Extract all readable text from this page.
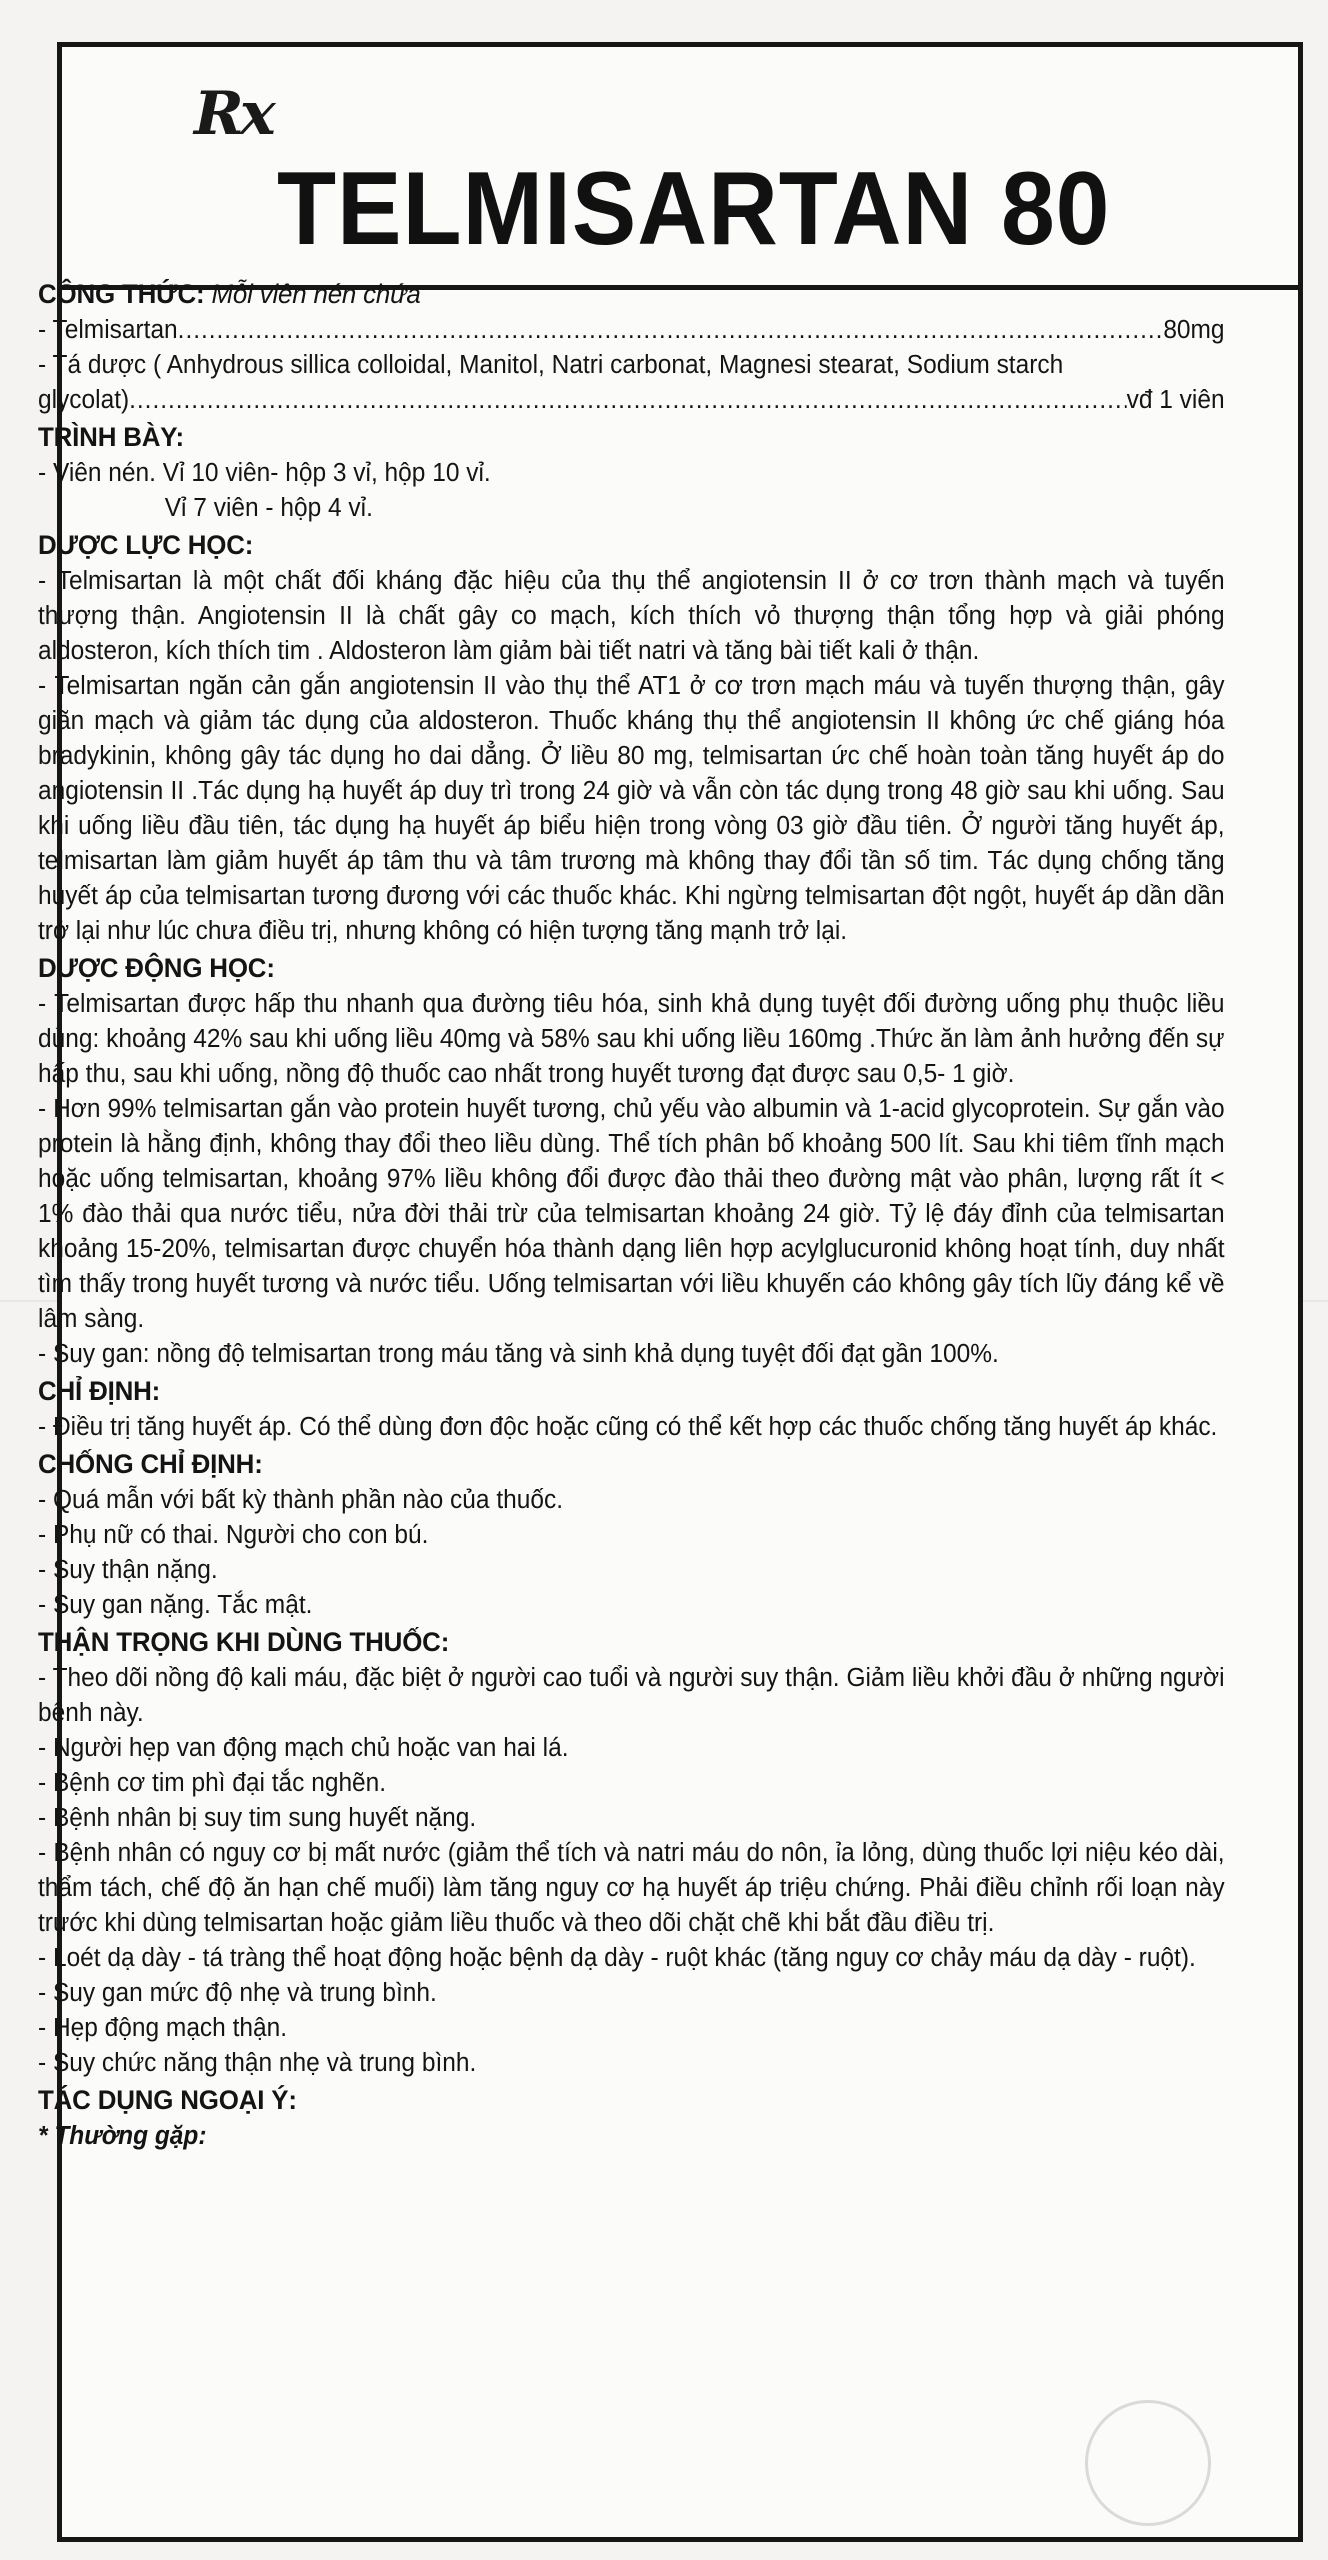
Rx
TELMISARTAN 80
CÔNG THỨC: Mỗi viên nén chứa
- Telmisartan .....	80mg

- Tá dược ( Anhydrous sillica colloidal, Manitol, Natri carbonat, Magnesi stearat, Sodium starch

glycolat) .....	vđ 1 viên
TRÌNH BÀY:

- Viên nén. Vỉ 10 viên- hộp 3 vỉ, hộp 10 vỉ.

Vỉ 7 viên - hộp 4 vỉ.

DƯỢC LỰC HỌC:

- Telmisartan là một chất đối kháng đặc hiệu của thụ thể angiotensin II ở cơ trơn thành mạch và tuyến thượng thận. Angiotensin II là chất gây co mạch, kích thích vỏ thượng thận tổng hợp và giải phóng aldosteron, kích thích tim . Aldosteron làm giảm bài tiết natri và tăng bài tiết kali ở thận.

- Telmisartan ngăn cản gắn angiotensin II vào thụ thể AT1 ở cơ trơn mạch máu và tuyến thượng thận, gây giãn mạch và giảm tác dụng của aldosteron. Thuốc kháng thụ thể angiotensin II không ức chế giáng hóa bradykinin, không gây tác dụng ho dai dẳng. Ở liều 80 mg, telmisartan ức chế hoàn toàn tăng huyết áp do angiotensin II .Tác dụng hạ huyết áp duy trì trong 24 giờ và vẫn còn tác dụng trong 48 giờ sau khi uống. Sau khi uống liều đầu tiên, tác dụng hạ huyết áp biểu hiện trong vòng 03 giờ đầu tiên. Ở người tăng huyết áp, telmisartan làm giảm huyết áp tâm thu và tâm trương mà không thay đổi tần số tim. Tác dụng chống tăng huyết áp của telmisartan tương đương với các thuốc khác. Khi ngừng telmisartan đột ngột, huyết áp dần dần trở lại như lúc chưa điều trị, nhưng không có hiện tượng tăng mạnh trở lại.

DƯỢC ĐỘNG HỌC:

- Telmisartan được hấp thu nhanh qua đường tiêu hóa, sinh khả dụng tuyệt đối đường uống phụ thuộc liều dùng: khoảng 42% sau khi uống liều 40mg và 58% sau khi uống liều 160mg .Thức ăn làm ảnh hưởng đến sự hấp thu, sau khi uống, nồng độ thuốc cao nhất trong huyết tương đạt được sau 0,5- 1 giờ.

- Hơn 99% telmisartan gắn vào protein huyết tương, chủ yếu vào albumin và 1-acid glycoprotein. Sự gắn vào protein là hằng định, không thay đổi theo liều dùng. Thể tích phân bố khoảng 500 lít. Sau khi tiêm tĩnh mạch hoặc uống telmisartan, khoảng 97% liều không đổi được đào thải theo đường mật vào phân, lượng rất ít < 1% đào thải qua nước tiểu, nửa đời thải trừ của telmisartan khoảng 24 giờ. Tỷ lệ đáy đỉnh của telmisartan khoảng 15-20%, telmisartan được chuyển hóa thành dạng liên hợp acylglucuronid không hoạt tính, duy nhất tìm thấy trong huyết tương và nước tiểu. Uống telmisartan với liều khuyến cáo không gây tích lũy đáng kể về lâm sàng.

- Suy gan: nồng độ telmisartan trong máu tăng và sinh khả dụng tuyệt đối đạt gần 100%.

CHỈ ĐỊNH:

- Điều trị tăng huyết áp. Có thể dùng đơn độc hoặc cũng có thể kết hợp các thuốc chống tăng huyết áp khác.

CHỐNG CHỈ ĐỊNH:

- Quá mẫn với bất kỳ thành phần nào của thuốc.

- Phụ nữ có thai. Người cho con bú.

- Suy thận nặng.

- Suy gan nặng. Tắc mật.

THẬN TRỌNG KHI DÙNG THUỐC:

- Theo dõi nồng độ kali máu, đặc biệt ở người cao tuổi và người suy thận. Giảm liều khởi đầu ở những người bệnh này.

- Người hẹp van động mạch chủ hoặc van hai lá.

- Bệnh cơ tim phì đại tắc nghẽn.

- Bệnh nhân bị suy tim sung huyết nặng.

- Bệnh nhân có nguy cơ bị mất nước (giảm thể tích và natri máu do nôn, ỉa lỏng, dùng thuốc lợi niệu kéo dài, thẩm tách, chế độ ăn hạn chế muối) làm tăng nguy cơ hạ huyết áp triệu chứng. Phải điều chỉnh rối loạn này trước khi dùng telmisartan hoặc giảm liều thuốc và theo dõi chặt chẽ khi bắt đầu điều trị.

- Loét dạ dày - tá tràng thể hoạt động hoặc bệnh dạ dày - ruột khác (tăng nguy cơ chảy máu dạ dày - ruột).

- Suy gan mức độ nhẹ và trung bình.

- Hẹp động mạch thận.

- Suy chức năng thận nhẹ và trung bình.

TÁC DỤNG NGOẠI Ý:

* Thường gặp:
